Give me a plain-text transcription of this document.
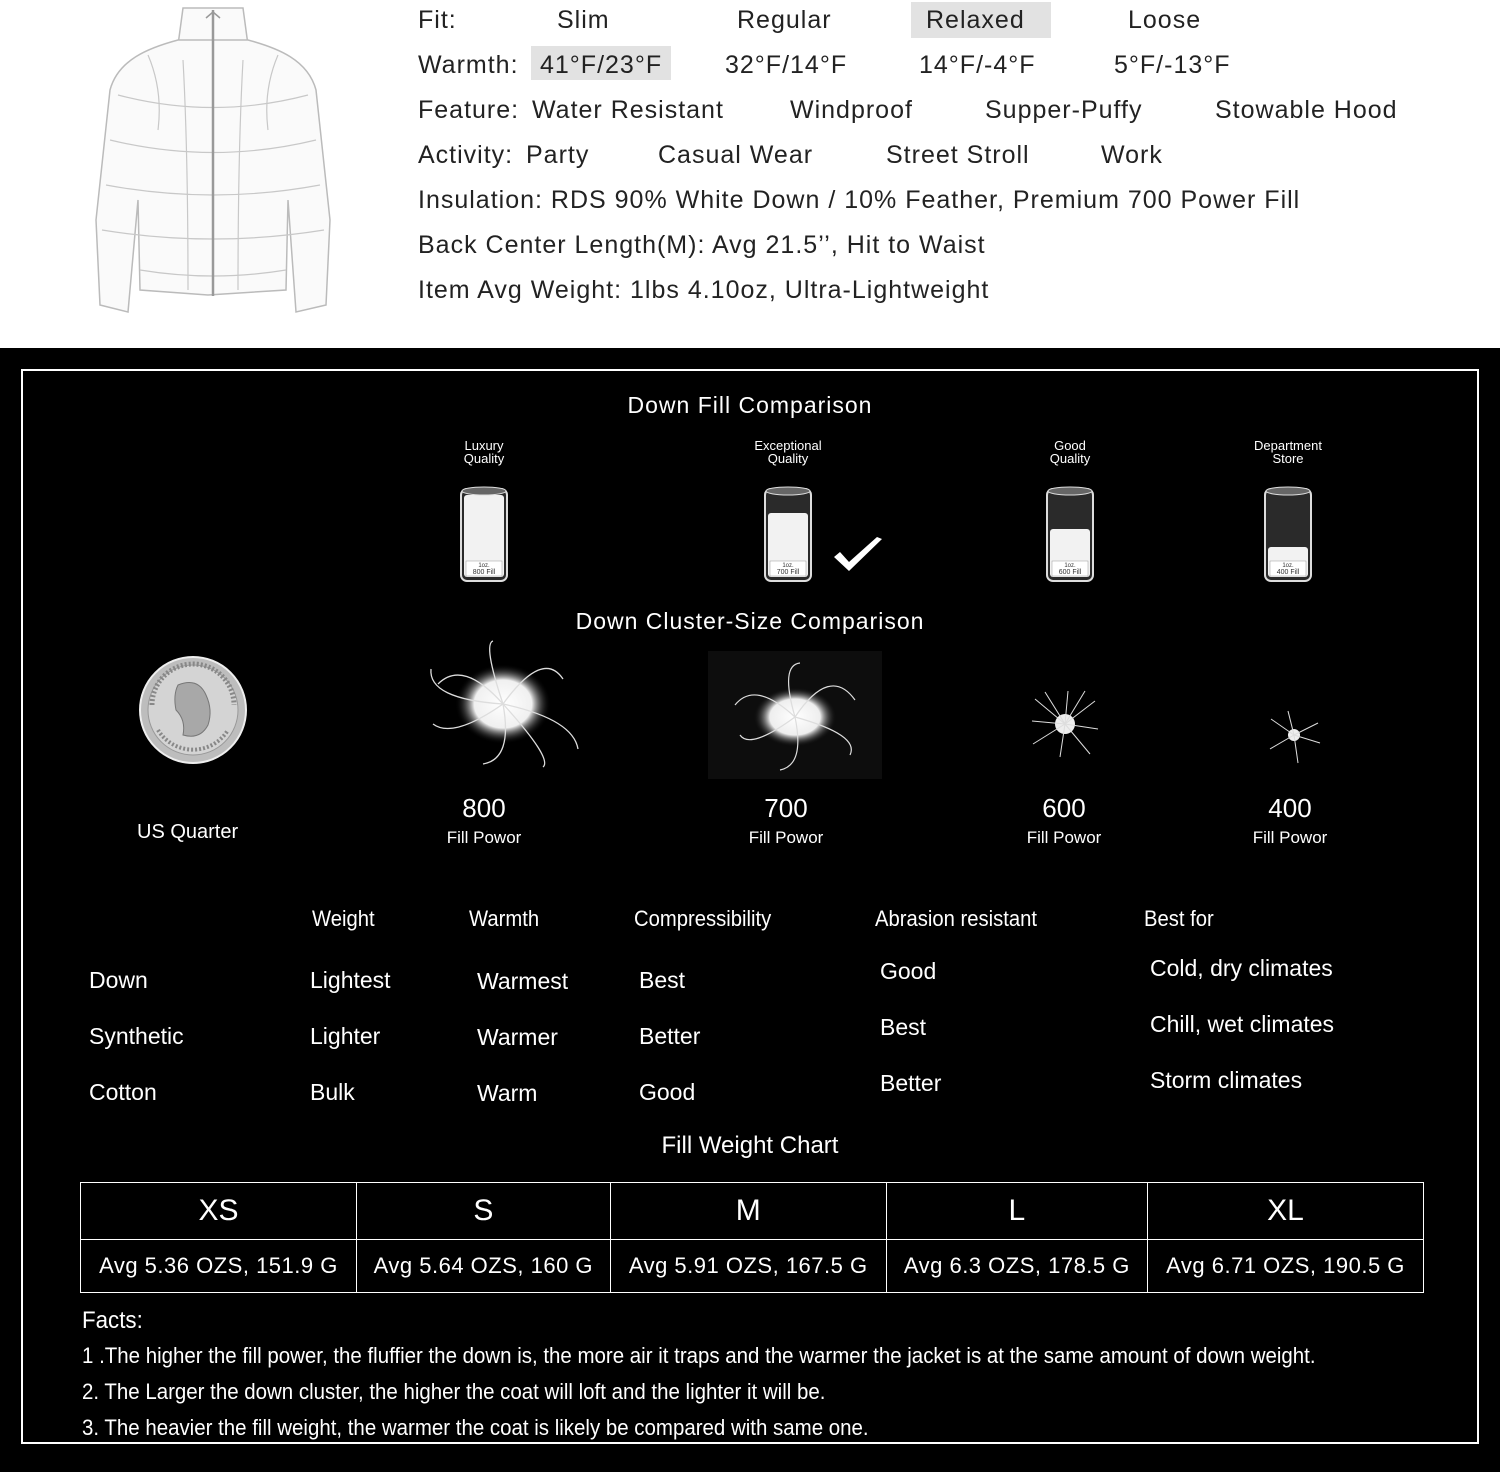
Fit:	Slim	Regular	Relaxed	Loose
Warmth: 41°F/23°F	32°F/14°F	14°F/-4°F	5°F/-13°F
Feature: Water Resistant	Windproof	Supper-Puffy	Stowable Hood
Activity: Party	Casual Wear	Street Stroll	Work
Insulation: RDS 90% White Down / 10% Feather, Premium 700 Power Fill
Back Center Length(M): Avg 21.5’’, Hit to Waist
Item Avg Weight: 1lbs 4.10oz, Ultra-Lightweight
Down Fill Comparison
Luxury
Quality
Exceptional
Quality
Good
Quality
Department
Store
1oz.
800 Fill
1oz.
700 Fill
1oz.
600 Fill
1oz.
400 Fill
Down Cluster-Size Comparison
US Quarter
800
Fill Powor
700
Fill Powor
600
Fill Powor
400
Fill Powor
Weight	Warmth	Compressibility	Abrasion resistant	Best for
Down	Lightest	Warmest	Best	Good	Cold, dry climates
Synthetic	Lighter	Warmer	Better	Best	Chill, wet climates
Cotton	Bulk	Warm	Good	Better	Storm climates
Fill Weight Chart
XS	S	M	L	XL
Avg 5.36 OZS, 151.9 G	Avg 5.64 OZS, 160 G	Avg 5.91 OZS, 167.5 G	Avg 6.3 OZS, 178.5 G	Avg 6.71 OZS, 190.5 G
Facts:
1 .The higher the fill power, the fluffier the down is, the more air it traps and the warmer the jacket is at the same amount of down weight.
2. The Larger the down cluster, the higher the coat will loft and the lighter it will be.
3. The heavier the fill weight, the warmer the coat is likely be compared with same one.
